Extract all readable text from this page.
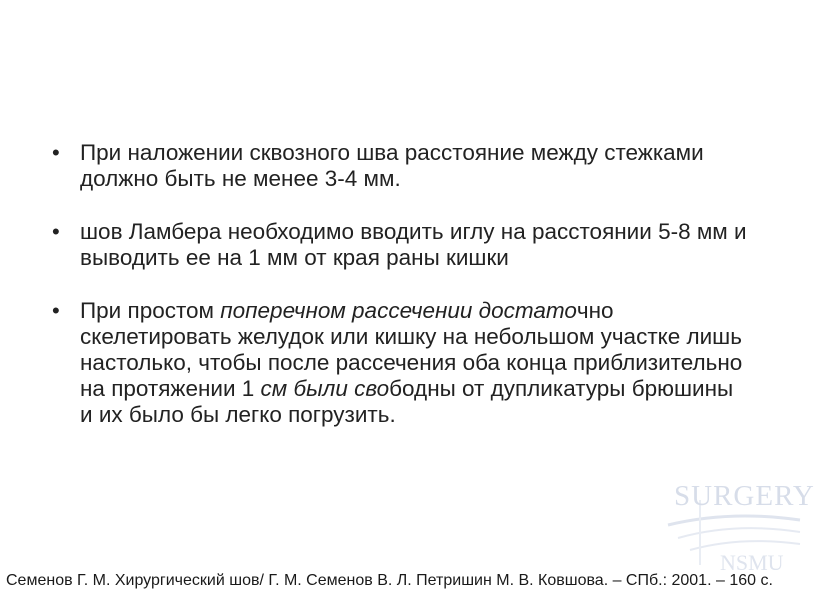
• При наложении сквозного шва расстояние между стежками должно быть не менее 3-4 мм.
• шов Ламбера необходимо вводить иглу на расстоянии 5-8 мм и выводить ее на 1 мм от края раны кишки
• При простом поперечном рассечении достаточно скелетировать желудок или кишку на небольшом участке лишь настолько, чтобы после рассечения оба конца приблизительно на протяжении 1 см были свободны от дупликатуры брюшины и их было бы легко погрузить.
SURGERY
NSMU
Семенов Г. М. Хирургический шов/ Г. М. Семенов В. Л. Петришин М. В. Ковшова. – СПб.: 2001. – 160 с.
